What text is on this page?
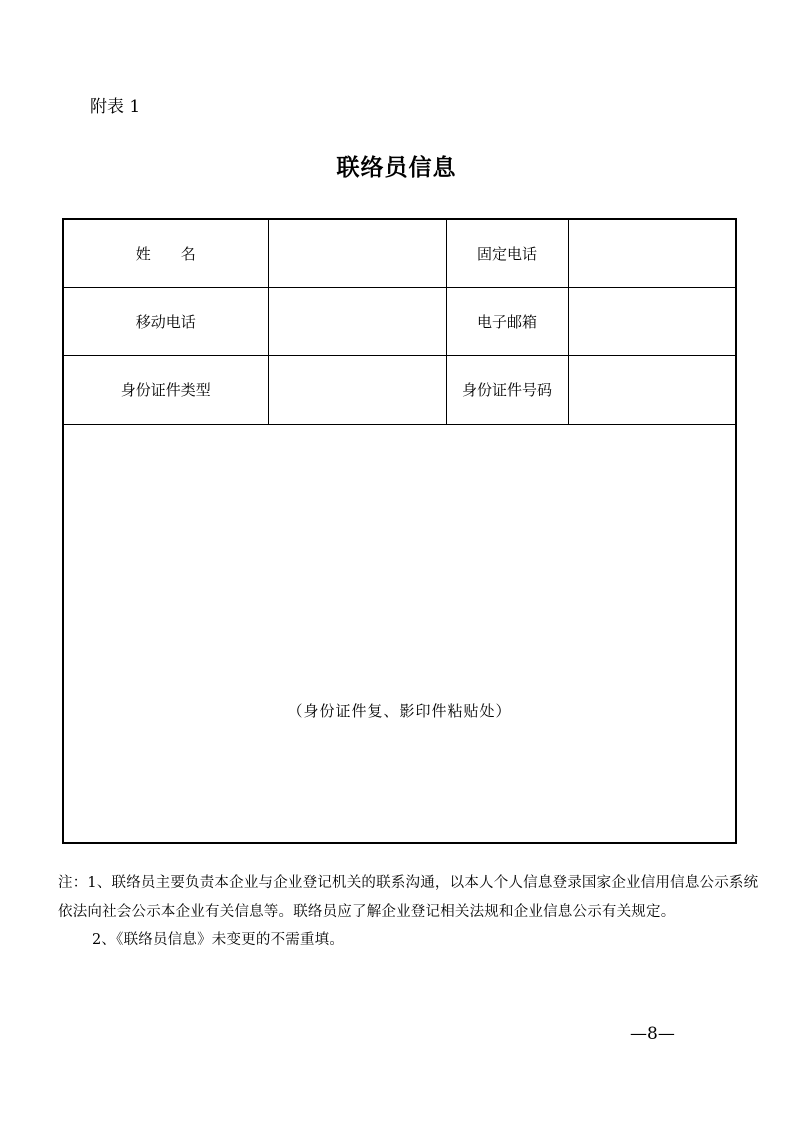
附表 1
联络员信息
姓　　名		固定电话	
移动电话		电子邮箱	
身份证件类型		身份证件号码	
（身份证件复、影印件粘贴处）			
注：1、联络员主要负责本企业与企业登记机关的联系沟通，以本人个人信息登录国家企业信用信息公示系统
依法向社会公示本企业有关信息等。联络员应了解企业登记相关法规和企业信息公示有关规定。
2、《联络员信息》未变更的不需重填。
—8—
